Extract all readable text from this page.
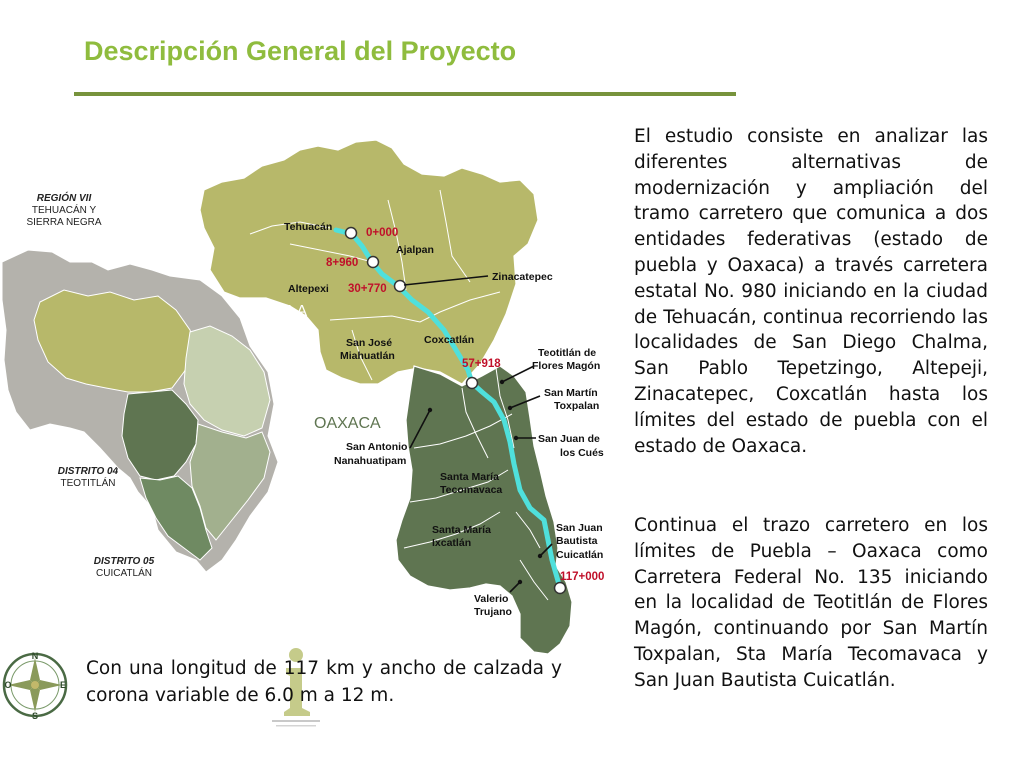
Descripción General del Proyecto

El estudio consiste en analizar las diferentes alternativas de modernización y ampliación del tramo carretero que comunica a dos entidades federativas (estado de puebla y Oaxaca) a través carretera estatal No. 980 iniciando en la ciudad de Tehuacán, continua recorriendo las localidades de San Diego Chalma, San Pablo Tepetzingo, Altepeji, Zinacatepec, Coxcatlán hasta los límites del estado de puebla con el estado de Oaxaca.

Continua el trazo carretero en los límites de Puebla – Oaxaca como Carretera Federal No. 135 iniciando en la localidad de Teotitlán de Flores Magón, continuando por San Martín Toxpalan, Sta María Tecomavaca y San Juan Bautista Cuicatlán.

REGIÓN VII
TEHUACÁN Y
SIERRA NEGRA
DISTRITO 04
TEOTITLÁN
DISTRITO 05
CUICATLÁN
PUEBLA
OAXACA
0+000
8+960
30+770
57+918
117+000
Tehuacán
Ajalpan
Altepexi
Zinacatepec
San José
Miahuatlán
Coxcatlán
Teotitlán de
Flores Magón
San Martín
Toxpalan
San Juan de
los Cués
San Antonio
Nanahuatipam
Santa María
Tecomavaca
Santa María
Ixcatlán
San Juan
Bautista
Cuicatlán
Valerio
Trujano
N
S
E
O

Con una longitud de 117 km y ancho de calzada y corona variable de 6.0 m a 12 m.
